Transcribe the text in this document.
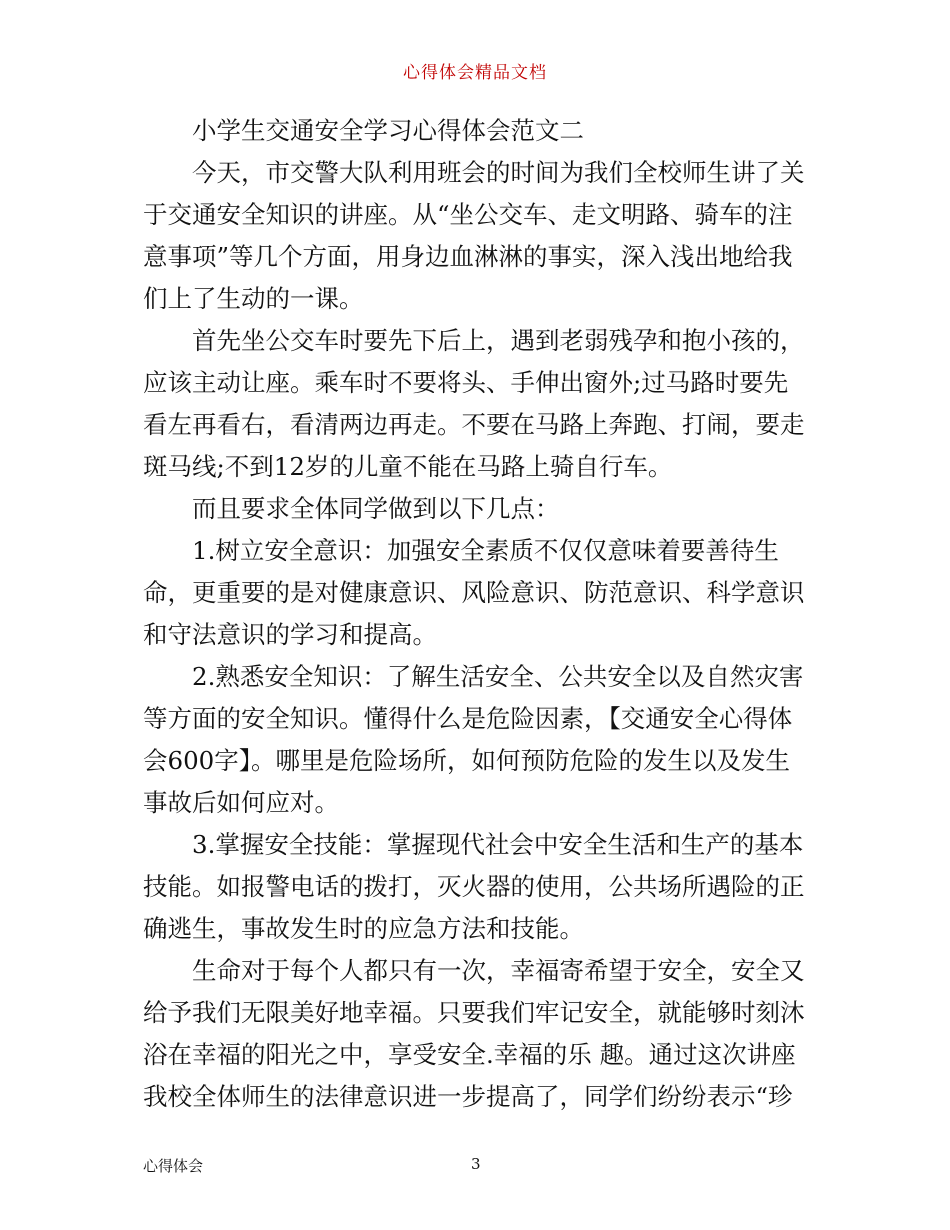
心得体会精品文档
小学生交通安全学习心得体会范文二
今天，市交警大队利用班会的时间为我们全校师生讲了关
于交通安全知识的讲座。从“坐公交车、走文明路、骑车的注
意事项”等几个方面，用身边血淋淋的事实，深入浅出地给我
们上了生动的一课。
首先坐公交车时要先下后上，遇到老弱残孕和抱小孩的，
应该主动让座。乘车时不要将头、手伸出窗外;过马路时要先
看左再看右，看清两边再走。不要在马路上奔跑、打闹，要走
斑马线;不到12岁的儿童不能在马路上骑自行车。
而且要求全体同学做到以下几点：
1.树立安全意识：加强安全素质不仅仅意味着要善待生
命，更重要的是对健康意识、风险意识、防范意识、科学意识
和守法意识的学习和提高。
2.熟悉安全知识：了解生活安全、公共安全以及自然灾害
等方面的安全知识。懂得什么是危险因素，【交通安全心得体
会600字】。哪里是危险场所，如何预防危险的发生以及发生
事故后如何应对。
3.掌握安全技能：掌握现代社会中安全生活和生产的基本
技能。如报警电话的拨打，灭火器的使用，公共场所遇险的正
确逃生，事故发生时的应急方法和技能。
生命对于每个人都只有一次，幸福寄希望于安全，安全又
给予我们无限美好地幸福。只要我们牢记安全，就能够时刻沐
浴在幸福的阳光之中，享受安全.幸福的乐 趣。通过这次讲座
我校全体师生的法律意识进一步提高了，同学们纷纷表示“珍
心得体会	3
